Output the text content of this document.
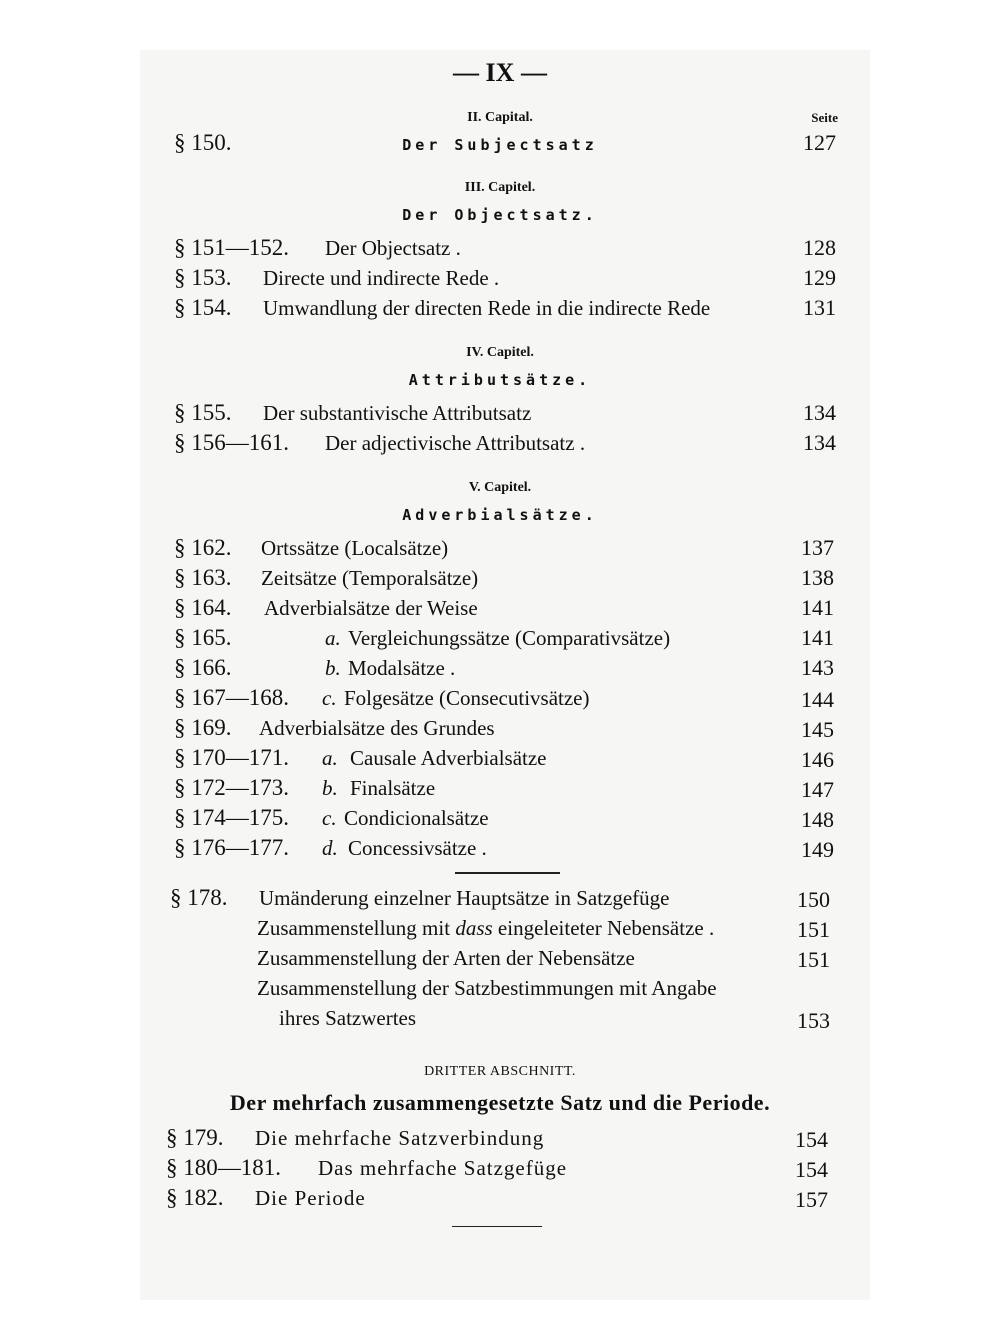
— IX —
Seite
II. Capital.
§ 150.	Der Subjectsatz	127
III. Capitel.
Der Objectsatz.
§ 151—152. Der Objectsatz .	128
§ 153. Directe und indirecte Rede .	129
§ 154. Umwandlung der directen Rede in die indirecte Rede	131
IV. Capitel.
Attributsätze.
§ 155. Der substantivische Attributsatz	134
§ 156—161. Der adjectivische Attributsatz .	134
V. Capitel.
Adverbialsätze.
§ 162. Ortssätze (Localsätze)	137
§ 163. Zeitsätze (Temporalsätze)	138
§ 164. Adverbialsätze der Weise	141
§ 165.	a. Vergleichungssätze (Comparativsätze)	141
§ 166.	b. Modalsätze .	143
§ 167—168. c. Folgesätze (Consecutivsätze)	144
§ 169. Adverbialsätze des Grundes	145
§ 170—171. a. Causale Adverbialsätze	146
§ 172—173. b. Finalsätze	147
§ 174—175. c. Condicionalsätze	148
§ 176—177. d. Concessivsätze .	149
§ 178. Umänderung einzelner Hauptsätze in Satzgefüge	150
Zusammenstellung mit dass eingeleiteter Nebensätze .	151
Zusammenstellung der Arten der Nebensätze	151
Zusammenstellung der Satzbestimmungen mit Angabe
ihres Satzwertes	153
DRITTER ABSCHNITT.
Der mehrfach zusammengesetzte Satz und die Periode.
§ 179. Die mehrfache Satzverbindung	154
§ 180—181. Das mehrfache Satzgefüge	154
§ 182. Die Periode	157
